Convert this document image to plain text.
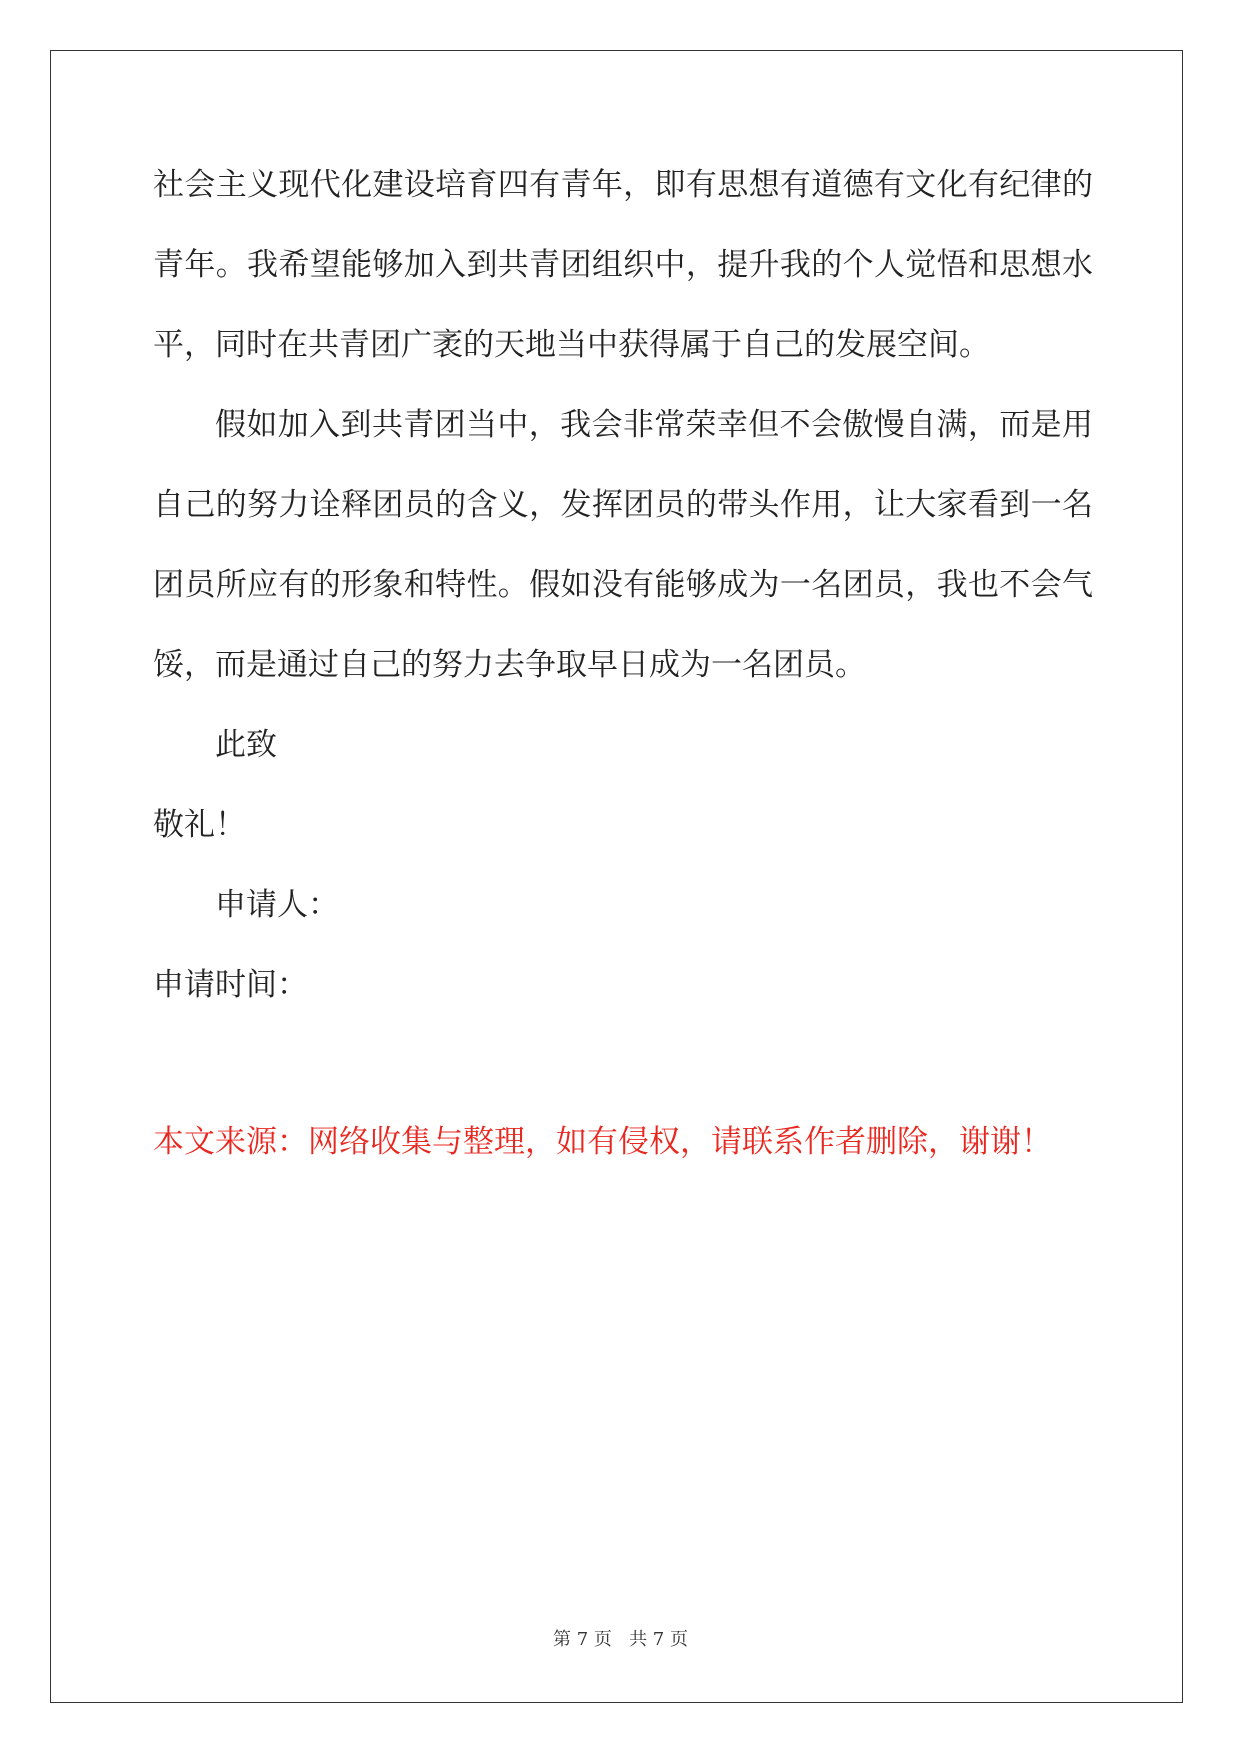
社会主义现代化建设培育四有青年，即有思想有道德有文化有纪律的
青年。我希望能够加入到共青团组织中，提升我的个人觉悟和思想水
平，同时在共青团广袤的天地当中获得属于自己的发展空间。
假如加入到共青团当中，我会非常荣幸但不会傲慢自满，而是用
自己的努力诠释团员的含义，发挥团员的带头作用，让大家看到一名
团员所应有的形象和特性。假如没有能够成为一名团员，我也不会气
馁，而是通过自己的努力去争取早日成为一名团员。
此致
敬礼！
申请人：
申请时间：
本文来源：网络收集与整理，如有侵权，请联系作者删除，谢谢！
第 7 页 共 7 页
